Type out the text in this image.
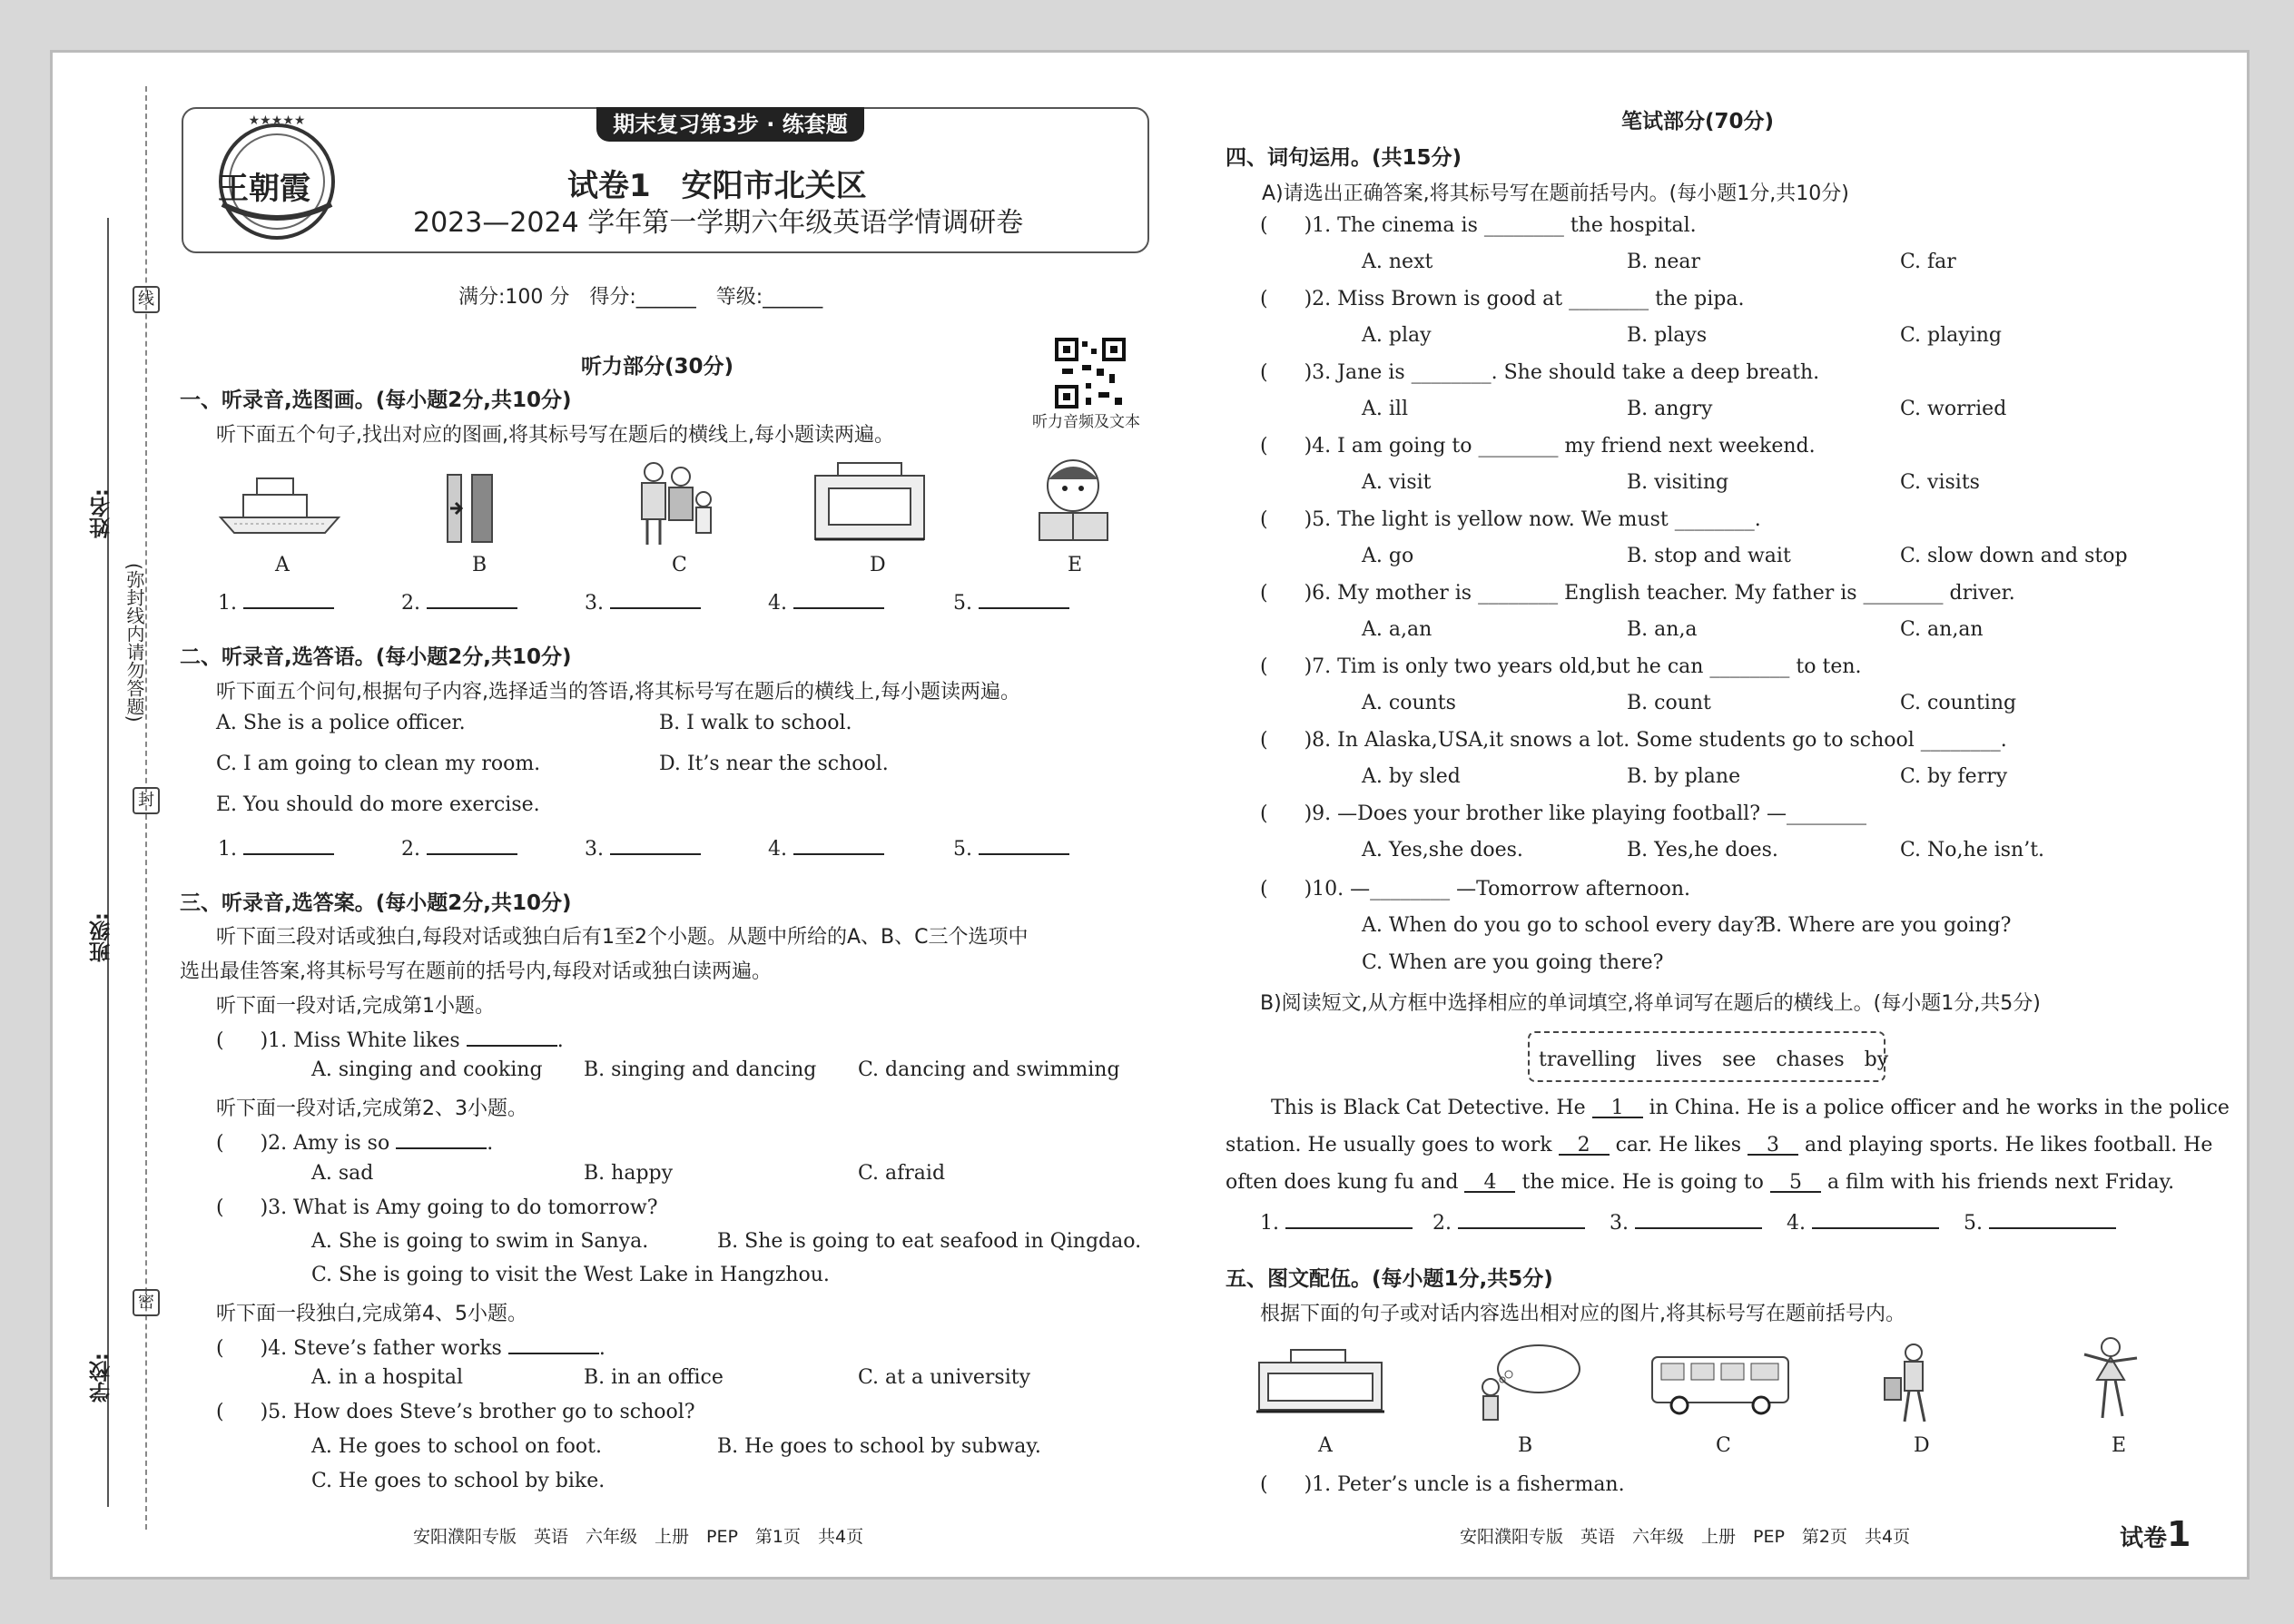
线
封
密
(弥封线内请勿答题)
姓名:
班级:
学校:
期末复习第3步 · 练套题
★★★★★
王朝霞	试卷1　安阳市北关区
2023—2024 学年第一学期六年级英语学情调研卷
满分:100 分　得分:______　等级:______
听力音频及文本
听力部分(30分)
一、听录音,选图画。(每小题2分,共10分)
听下面五个句子,找出对应的图画,将其标号写在题后的横线上,每小题读两遍。
A	B	C	D	E
1.	2.	3.	4.	5.
二、听录音,选答语。(每小题2分,共10分)
听下面五个问句,根据句子内容,选择适当的答语,将其标号写在题后的横线上,每小题读两遍。
A. She is a police officer.	B. I walk to school.
C. I am going to clean my room.	D. It’s near the school.
E. You should do more exercise.
1.	2.	3.	4.	5.
三、听录音,选答案。(每小题2分,共10分)
听下面三段对话或独白,每段对话或独白后有1至2个小题。从题中所给的A、B、C三个选项中
选出最佳答案,将其标号写在题前的括号内,每段对话或独白读两遍。
听下面一段对话,完成第1小题。
( )1. Miss White likes	.
A. singing and cooking B. singing and dancing C. dancing and swimming
听下面一段对话,完成第2、3小题。
( )2. Amy is so	.
A. sad	B. happy	C. afraid
( )3. What is Amy going to do tomorrow?
A. She is going to swim in Sanya.	B. She is going to eat seafood in Qingdao.
C. She is going to visit the West Lake in Hangzhou.
听下面一段独白,完成第4、5小题。
( )4. Steve’s father works	.
A. in a hospital	B. in an office	C. at a university
( )5. How does Steve’s brother go to school?
A. He goes to school on foot.	B. He goes to school by subway.
C. He goes to school by bike.
安阳濮阳专版　英语　六年级　上册　PEP　第1页　共4页
笔试部分(70分)
四、词句运用。(共15分)
A)请选出正确答案,将其标号写在题前括号内。(每小题1分,共10分)
( )1. The cinema is ________ the hospital.
A. next	B. near	C. far
( )2. Miss Brown is good at ________ the pipa.
A. play	B. plays	C. playing
( )3. Jane is ________. She should take a deep breath.
A. ill	B. angry	C. worried
( )4. I am going to ________ my friend next weekend.
A. visit	B. visiting	C. visits
( )5. The light is yellow now. We must ________.
A. go	B. stop and wait	C. slow down and stop
( )6. My mother is ________ English teacher. My father is ________ driver.
A. a,an	B. an,a	C. an,an
( )7. Tim is only two years old,but he can ________ to ten.
A. counts	B. count	C. counting
( )8. In Alaska,USA,it snows a lot. Some students go to school ________.
A. by sled	B. by plane	C. by ferry
( )9. —Does your brother like playing football? —________
A. Yes,she does.	B. Yes,he does.	C. No,he isn’t.
( )10. —________ —Tomorrow afternoon.
A. When do you go to school every day?
B. Where are you going?
C. When are you going there?
B)阅读短文,从方框中选择相应的单词填空,将单词写在题后的横线上。(每小题1分,共5分)
travelling　lives　see　chases　by
This is Black Cat Detective. He 1 in China. He is a police officer and he works in the police
station. He usually goes to work 2 car. He likes 3 and playing sports. He likes football. He
often does kung fu and 4 the mice. He is going to 5 a film with his friends next Friday.
1.	2.	3.	4.	5.
五、图文配伍。(每小题1分,共5分)
根据下面的句子或对话内容选出相对应的图片,将其标号写在题前括号内。
A	B	C	D	E
( )1. Peter’s uncle is a fisherman.
安阳濮阳专版　英语　六年级　上册　PEP　第2页　共4页	试卷1
